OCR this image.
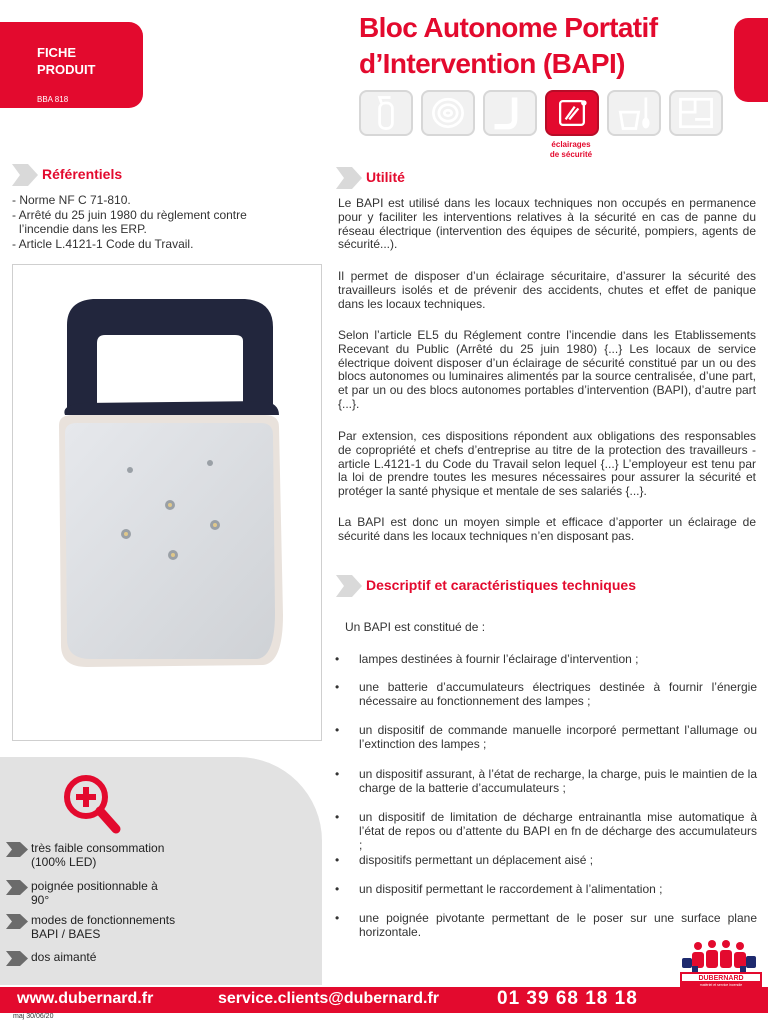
FICHE
PRODUIT
BBA 818
Bloc Autonome Portatif
d’Intervention (BAPI)
éclairages
de sécurité
Référentiels
- Norme NF C 71-810.
- Arrêté du 25 juin 1980 du règlement contre l’incendie dans les ERP.
- Article L.4121-1 Code du Travail.
très faible consommation (100% LED)
poignée positionnable à 90°
modes de fonctionnements BAPI / BAES
dos aimanté
Utilité
Le BAPI est utilisé dans les locaux techniques non occupés en permanence pour y faciliter les interventions relatives à la sécurité en cas de panne du réseau électrique (intervention des équipes de sécurité, pompiers, agents de sécurité...).
Il permet de disposer d’un éclairage sécuritaire, d’assurer la sécurité des travailleurs isolés et de prévenir des accidents, chutes et effet de panique dans les locaux techniques.
Selon l’article EL5 du Réglement contre l’incendie dans les Etablissements Recevant du Public (Arrêté du 25 juin 1980) {...} Les locaux de service électrique doivent disposer d’un éclairage de sécurité constitué par un ou des blocs autonomes ou luminaires alimentés par la source centralisée, d’une part, et par un ou des blocs autonomes portables d’intervention (BAPI), d’autre part {...}.
Par extension, ces dispositions répondent aux obligations des responsables de copropriété et chefs d’entreprise au titre de la protection des travailleurs - article L.4121-1 du Code du Travail selon lequel {...} L’employeur est tenu par la loi de prendre toutes les mesures nécessaires pour assurer la sécurité et protéger la santé physique et mentale de ses salariés {...}.
La BAPI est donc un moyen simple et efficace d’apporter un éclairage de sécurité dans les locaux techniques n’en disposant pas.
Descriptif et caractéristiques techniques
Un BAPI est constitué de :
• lampes destinées à fournir l’éclairage d’intervention ;
• une batterie d’accumulateurs électriques destinée à fournir l’énergie nécessaire au fonctionnement des lampes ;
• un dispositif de commande manuelle incorporé permettant l’allumage ou l’extinction des lampes ;
• un dispositif assurant, à l’état de recharge, la charge, puis le maintien de la charge de la batterie d’accumulateurs ;
• un dispositif de limitation de décharge entrainantla mise automatique à l’état de repos ou d’attente du BAPI en fn de décharge des accumulateurs ;
• dispositifs permettant un déplacement aisé ;
• un dispositif permettant le raccordement à l’alimentation ;
• une poignée pivotante permettant de le poser sur une surface plane horizontale.
DUBERNARD
matériel et service incendie
www.dubernard.fr	service.clients@dubernard.fr	01 39 68 18 18
maj 30/06/20
